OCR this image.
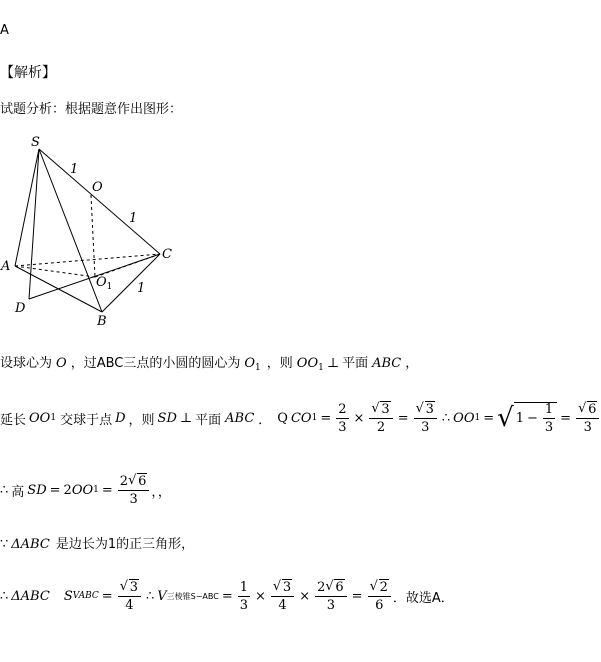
A
【解析】
试题分析：根据题意作出图形：
S
O
A
C
$O_1$
D
B
1
1
1
设球心为 O ，过ABC三点的小圆的圆心为 $O_1$ ，则 $OO_1$ ⊥ 平面 ABC ，
延长 OO 1 交球于点 D ，则 SD ⊥ 平面 ABC ． Q CO $1 = \frac{2}{3}$ × √ $\frac{3}{2}$ = √ $\frac{3}{3}$ ∴ OO 1 = √ $1 - \frac{1}{3}$ = √ $\frac{6}{3}$
∴ 高 SD = 2 OO $1 = \frac{2 √ 6}{3}$ ，，
∵ ΔABC 是边长为1的正三角形，
∴ ΔABC S VABC = √ $\frac{3}{4}$ ∴ V 三棱锥$S-ABC = \frac{1}{3}$ × √ $\frac{3}{4} \times \frac{2 √ 6}{3}$ = √ $\frac{2}{6}$ ．故选A．
